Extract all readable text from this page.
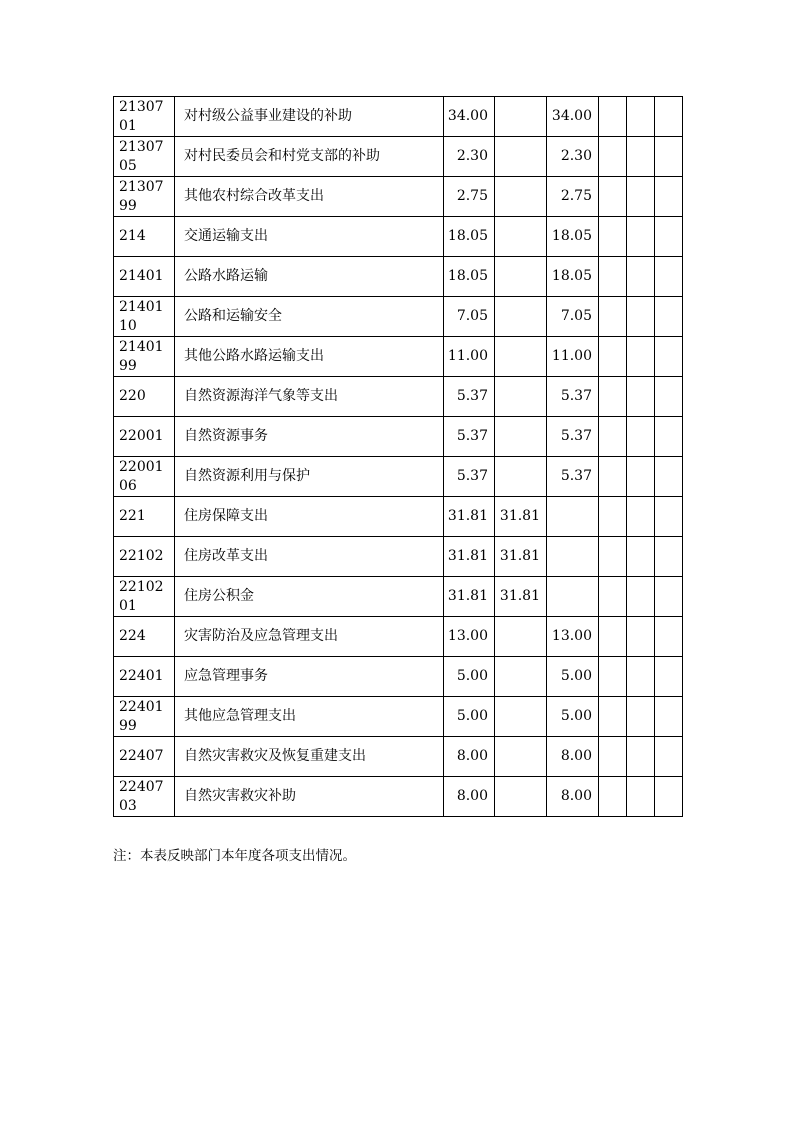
2130701	对村级公益事业建设的补助	34.00		34.00			

2130705	对村民委员会和村党支部的补助	2.30		2.30			

2130799	其他农村综合改革支出	2.75		2.75			

214	交通运输支出	18.05		18.05			

21401	公路水路运输	18.05		18.05			

2140110	公路和运输安全	7.05		7.05			

2140199	其他公路水路运输支出	11.00		11.00			

220	自然资源海洋气象等支出	5.37		5.37			

22001	自然资源事务	5.37		5.37			

2200106	自然资源利用与保护	5.37		5.37			

221	住房保障支出	31.81	31.81				

22102	住房改革支出	31.81	31.81				

2210201	住房公积金	31.81	31.81				

224	灾害防治及应急管理支出	13.00		13.00			

22401	应急管理事务	5.00		5.00			

2240199	其他应急管理支出	5.00		5.00			

22407	自然灾害救灾及恢复重建支出	8.00		8.00			

2240703	自然灾害救灾补助	8.00		8.00			
注：本表反映部门本年度各项支出情况。
